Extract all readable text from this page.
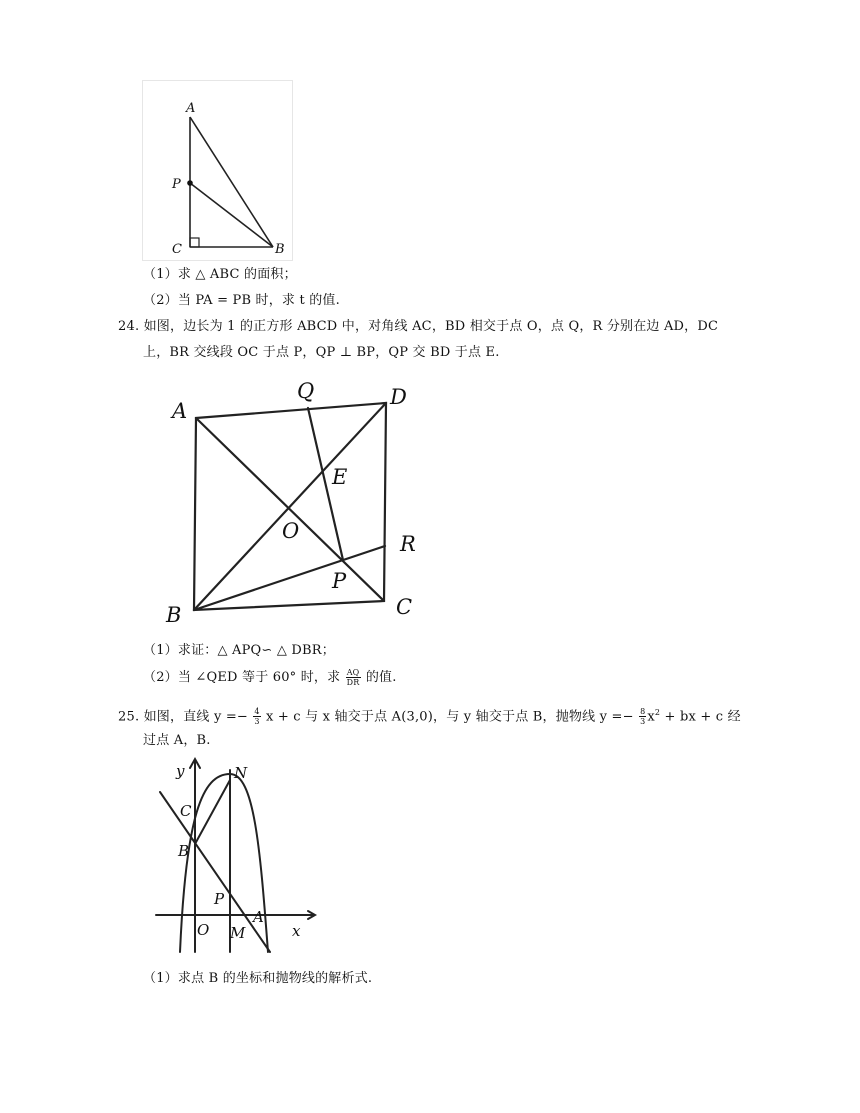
A
P
C	B
（1）求 △ ABC 的面积；
（2）当 PA = PB 时，求 t 的值.
24. 如图，边长为 1 的正方形 ABCD 中，对角线 AC，BD 相交于点 O，点 Q，R 分别在边 AD，DC
上，BR 交线段 OC 于点 P，QP ⊥ BP，QP 交 BD 于点 E.
A
Q	D
E
O
R
P
B	C
（1）求证：△ APQ∽ △ DBR；
（2）当 ∠QED 等于 60° 时，求 $\frac{AQ}{DR}$ 的值.
25. 如图，直线 $y =- \frac{4}{3}$ x + c 与 x 轴交于点 A(3,0)，与 y 轴交于点 B，抛物线 $y =- \frac{8}{3} x^2$ + bx + c 经
过点 A，B.
y	N
C
B
P
A
O M	x
（1）求点 B 的坐标和抛物线的解析式.
